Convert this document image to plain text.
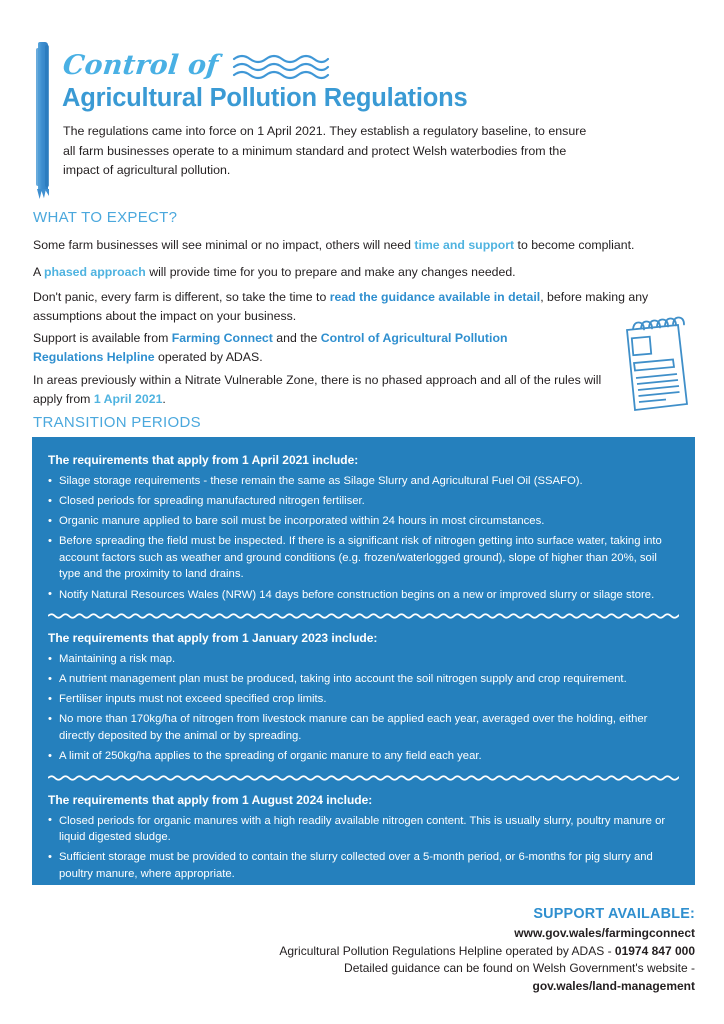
Control of
Agricultural Pollution Regulations
The regulations came into force on 1 April 2021. They establish a regulatory baseline, to ensure all farm businesses operate to a minimum standard and protect Welsh waterbodies from the impact of agricultural pollution.
WHAT TO EXPECT?
Some farm businesses will see minimal or no impact, others will need time and support to become compliant.
A phased approach will provide time for you to prepare and make any changes needed.
Don't panic, every farm is different, so take the time to read the guidance available in detail, before making any assumptions about the impact on your business.
Support is available from Farming Connect and the Control of Agricultural Pollution Regulations Helpline operated by ADAS.
In areas previously within a Nitrate Vulnerable Zone, there is no phased approach and all of the rules will apply from 1 April 2021.
TRANSITION PERIODS
The requirements that apply from 1 April 2021 include:
• Silage storage requirements - these remain the same as Silage Slurry and Agricultural Fuel Oil (SSAFO).
• Closed periods for spreading manufactured nitrogen fertiliser.
• Organic manure applied to bare soil must be incorporated within 24 hours in most circumstances.
• Before spreading the field must be inspected. If there is a significant risk of nitrogen getting into surface water, taking into account factors such as weather and ground conditions (e.g. frozen/waterlogged ground), slope of higher than 20%, soil type and the proximity to land drains.
• Notify Natural Resources Wales (NRW) 14 days before construction begins on a new or improved slurry or silage store.
The requirements that apply from 1 January 2023 include:
• Maintaining a risk map.
• A nutrient management plan must be produced, taking into account the soil nitrogen supply and crop requirement.
• Fertiliser inputs must not exceed specified crop limits.
• No more than 170kg/ha of nitrogen from livestock manure can be applied each year, averaged over the holding, either directly deposited by the animal or by spreading.
• A limit of 250kg/ha applies to the spreading of organic manure to any field each year.
The requirements that apply from 1 August 2024 include:
• Closed periods for organic manures with a high readily available nitrogen content. This is usually slurry, poultry manure or liquid digested sludge.
• Sufficient storage must be provided to contain the slurry collected over a 5-month period, or 6-months for pig slurry and poultry manure, where appropriate.
SUPPORT AVAILABLE:
www.gov.wales/farmingconnect
Agricultural Pollution Regulations Helpline operated by ADAS - 01974 847 000
Detailed guidance can be found on Welsh Government's website -
gov.wales/land-management
